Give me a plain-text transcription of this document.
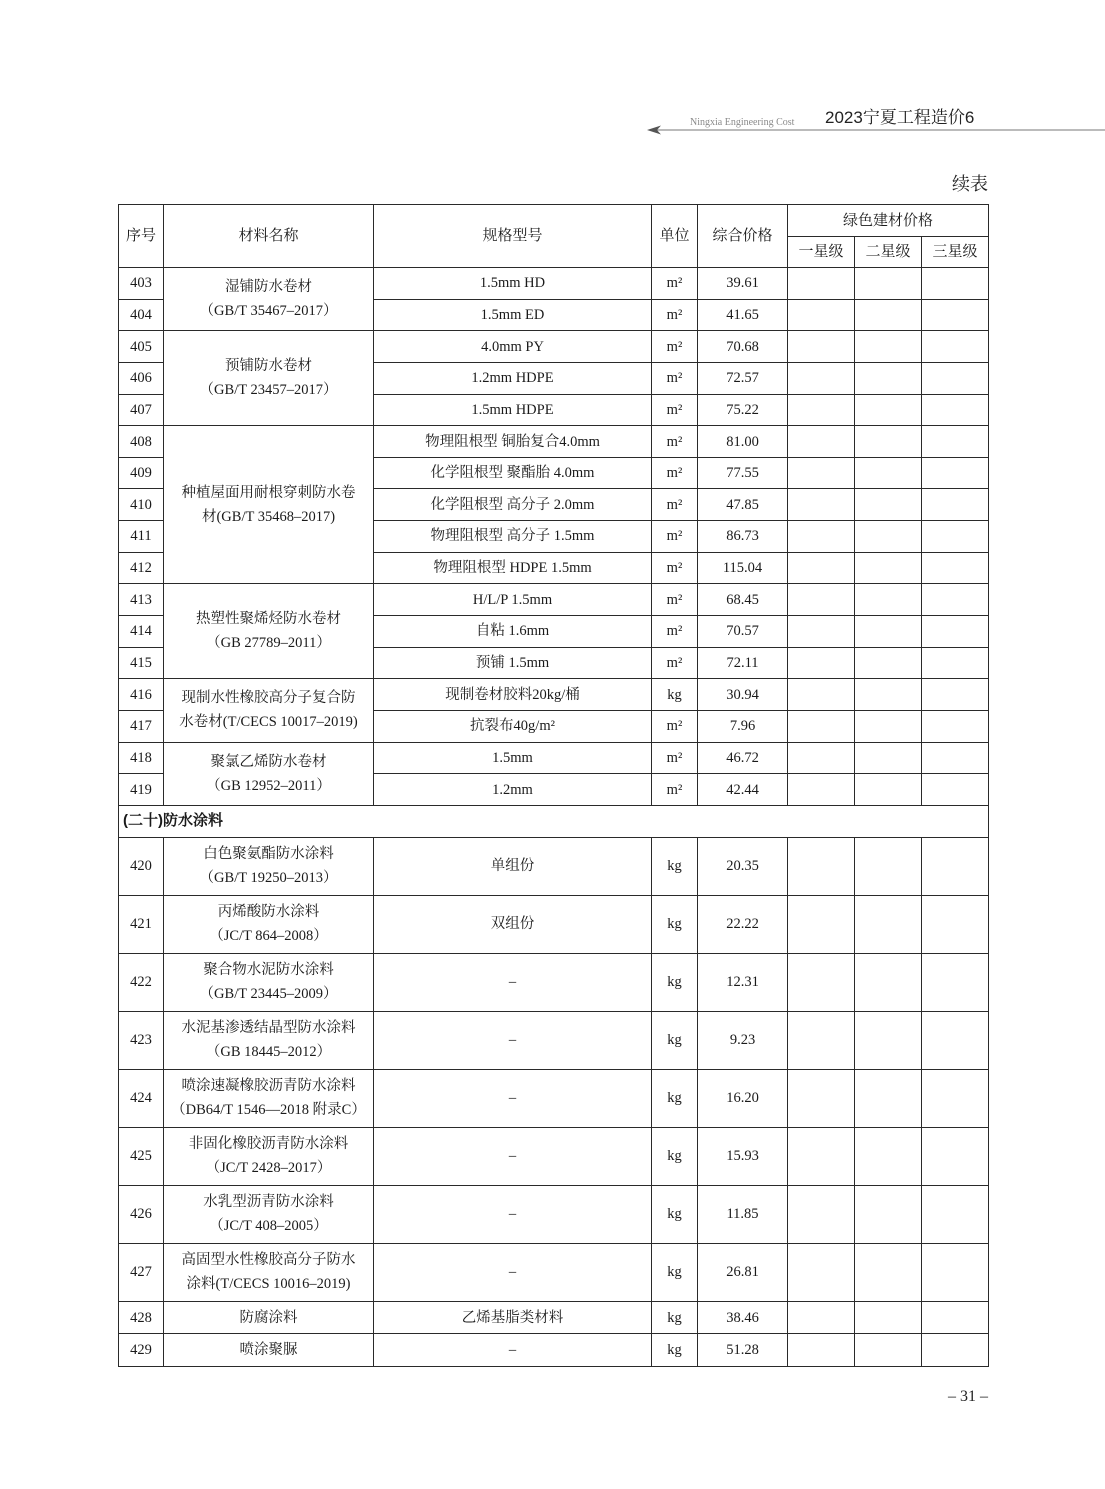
Ningxia Engineering Cost 2023宁夏工程造价6
续表
序号	材料名称	规格型号	单位	综合价格	绿色建材价格		
					一星级	二星级	三星级
403	湿铺防水卷材
（GB/T 35467–2017）	1.5mm HD	m²	39.61			
404		1.5mm ED	m²	41.65			
405	预铺防水卷材
（GB/T 23457–2017）	4.0mm PY	m²	70.68			
406		1.2mm HDPE	m²	72.57			
407		1.5mm HDPE	m²	75.22			
408	种植屋面用耐根穿刺防水卷
材(GB/T 35468–2017)	物理阻根型 铜胎复合4.0mm	m²	81.00			
409		化学阻根型 聚酯胎 4.0mm	m²	77.55			
410		化学阻根型 高分子 2.0mm	m²	47.85			
411		物理阻根型 高分子 1.5mm	m²	86.73			
412		物理阻根型 HDPE 1.5mm	m²	115.04			
413	热塑性聚烯烃防水卷材
（GB 27789–2011）	H/L/P 1.5mm	m²	68.45			
414		自粘 1.6mm	m²	70.57			
415		预铺 1.5mm	m²	72.11			
416	现制水性橡胶高分子复合防
水卷材(T/CECS 10017–2019)	现制卷材胶料20kg/桶	kg	30.94			
417		抗裂布40g/m²	m²	7.96			
418	聚氯乙烯防水卷材
（GB 12952–2011）	1.5mm	m²	46.72			
419		1.2mm	m²	42.44			
(二十)防水涂料							
420	白色聚氨酯防水涂料
（GB/T 19250–2013）	单组份	kg	20.35			
421	丙烯酸防水涂料
（JC/T 864–2008）	双组份	kg	22.22			
422	聚合物水泥防水涂料
（GB/T 23445–2009）	–	kg	12.31			
423	水泥基渗透结晶型防水涂料
（GB 18445–2012）	–	kg	9.23			
424	喷涂速凝橡胶沥青防水涂料
（DB64/T 1546—2018 附录C）	–	kg	16.20			
425	非固化橡胶沥青防水涂料
（JC/T 2428–2017）	–	kg	15.93			
426	水乳型沥青防水涂料
（JC/T 408–2005）	–	kg	11.85			
427	高固型水性橡胶高分子防水
涂料(T/CECS 10016–2019)	–	kg	26.81			
428	防腐涂料	乙烯基脂类材料	kg	38.46			
429	喷涂聚脲	–	kg	51.28			
– 31 –
